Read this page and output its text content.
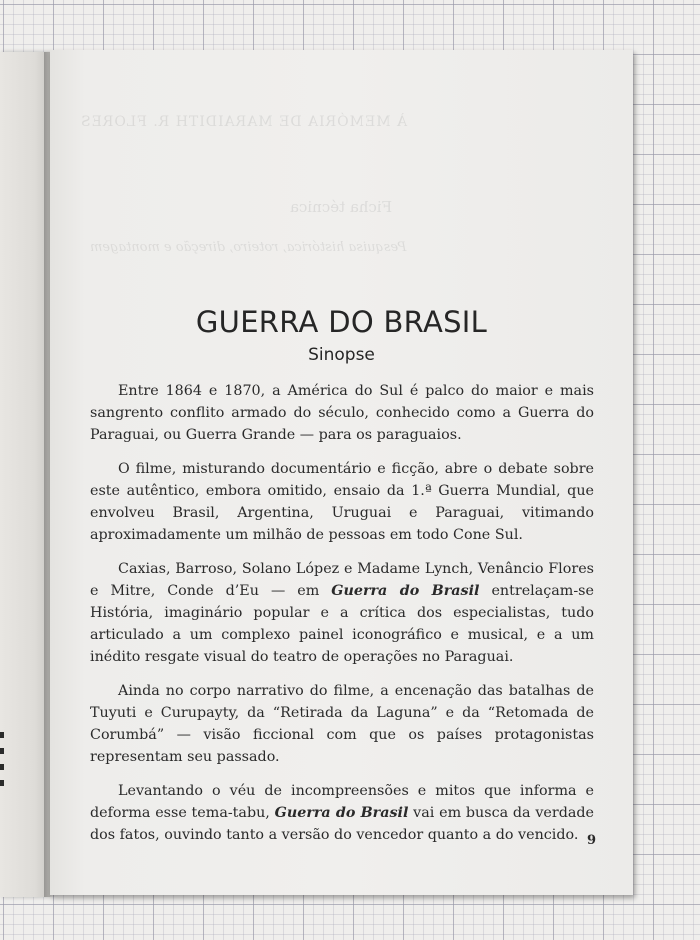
À MEMÓRIA DE MARAIDITH R. FLORES
Ficha técnica
Pesquisa histórica, roteiro, direção e montagem
GUERRA DO BRASIL
Sinopse

Entre 1864 e 1870, a América do Sul é palco do maior e mais sangrento conflito armado do século, conhecido como a Guerra do Paraguai, ou Guerra Grande — para os paraguaios.

O filme, misturando documentário e ficção, abre o debate sobre este autêntico, embora omitido, ensaio da 1.ª Guerra Mundial, que envolveu Brasil, Argentina, Uruguai e Paraguai, vitimando aproximadamente um milhão de pessoas em todo Cone Sul.

Caxias, Barroso, Solano López e Madame Lynch, Venâncio Flores e Mitre, Conde d’Eu — em Guerra do Brasil entrelaçam-se História, imaginário popular e a crítica dos especialistas, tudo articulado a um complexo painel iconográfico e musical, e a um inédito resgate visual do teatro de operações no Paraguai.

Ainda no corpo narrativo do filme, a encenação das batalhas de Tuyuti e Curupayty, da “Retirada da Laguna” e da “Retomada de Corumbá” — visão ficcional com que os países protagonistas representam seu passado.

Levantando o véu de incompreensões e mitos que informa e deforma esse tema-tabu, Guerra do Brasil vai em busca da verdade dos fatos, ouvindo tanto a versão do vencedor quanto a do vencido. 9
